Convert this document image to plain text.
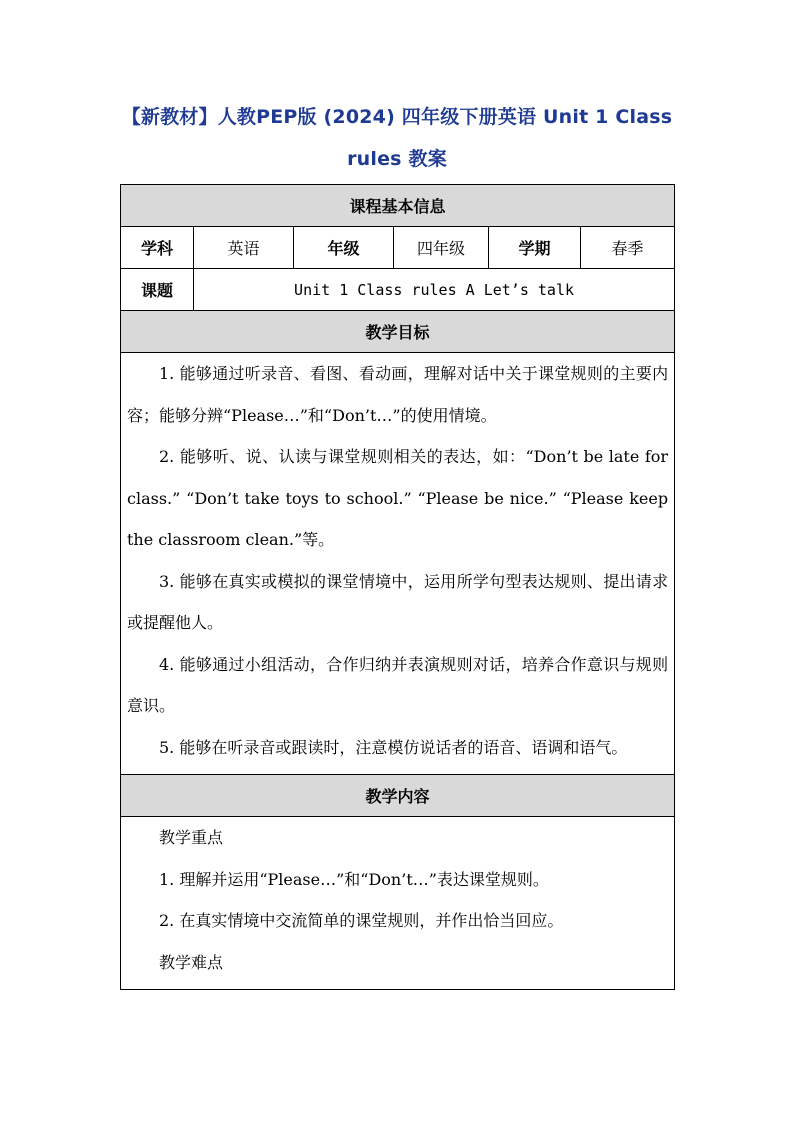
【新教材】人教PEP版 (2024) 四年级下册英语 Unit 1 Class
rules 教案
课程基本信息					
学科	英语	年级	四年级	学期	春季
课题	Unit 1 Class rules A Let’s talk				
教学目标					

1. 能够通过听录音、看图、看动画，理解对话中关于课堂规则的主要内容；能够分辨“Please…”和“Don’t…”的使用情境。
2. 能够听、说、认读与课堂规则相关的表达，如：“Don’t be late for class.” “Don’t take toys to school.” “Please be nice.” “Please keep the classroom clean.”等。
3. 能够在真实或模拟的课堂情境中，运用所学句型表达规则、提出请求或提醒他人。
4. 能够通过小组活动，合作归纳并表演规则对话，培养合作意识与规则意识。
5. 能够在听录音或跟读时，注意模仿说话者的语音、语调和语气。					

教学内容					

教学重点
1. 理解并运用“Please…”和“Don’t…”表达课堂规则。
2. 在真实情境中交流简单的课堂规则，并作出恰当回应。
教学难点					
